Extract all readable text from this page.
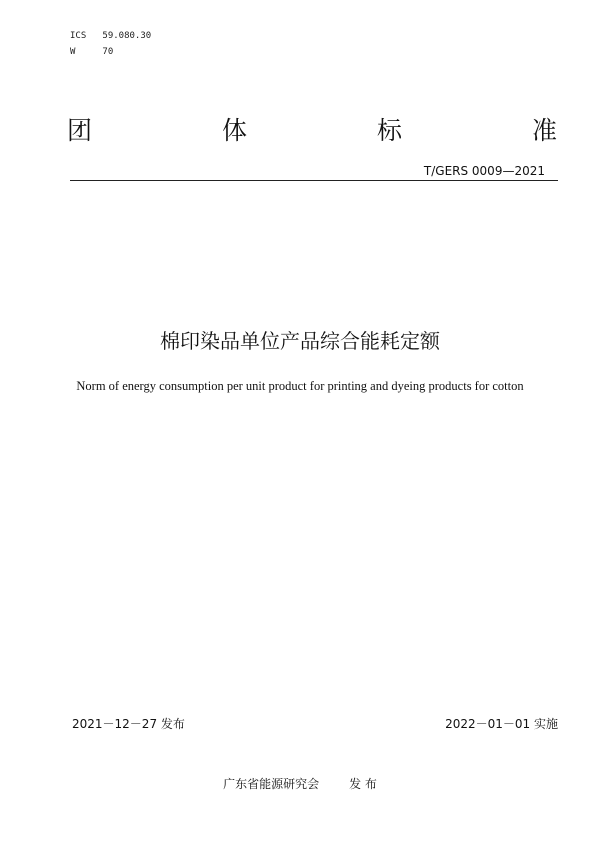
ICS 59.080.30
W	70
团	体	标	准
T/GERS 0009—2021
棉印染品单位产品综合能耗定额
Norm of energy consumption per unit product for printing and dyeing products for cotton
2021－12－27 发布	2022－01－01 实施
广东省能源研究会	发 布
